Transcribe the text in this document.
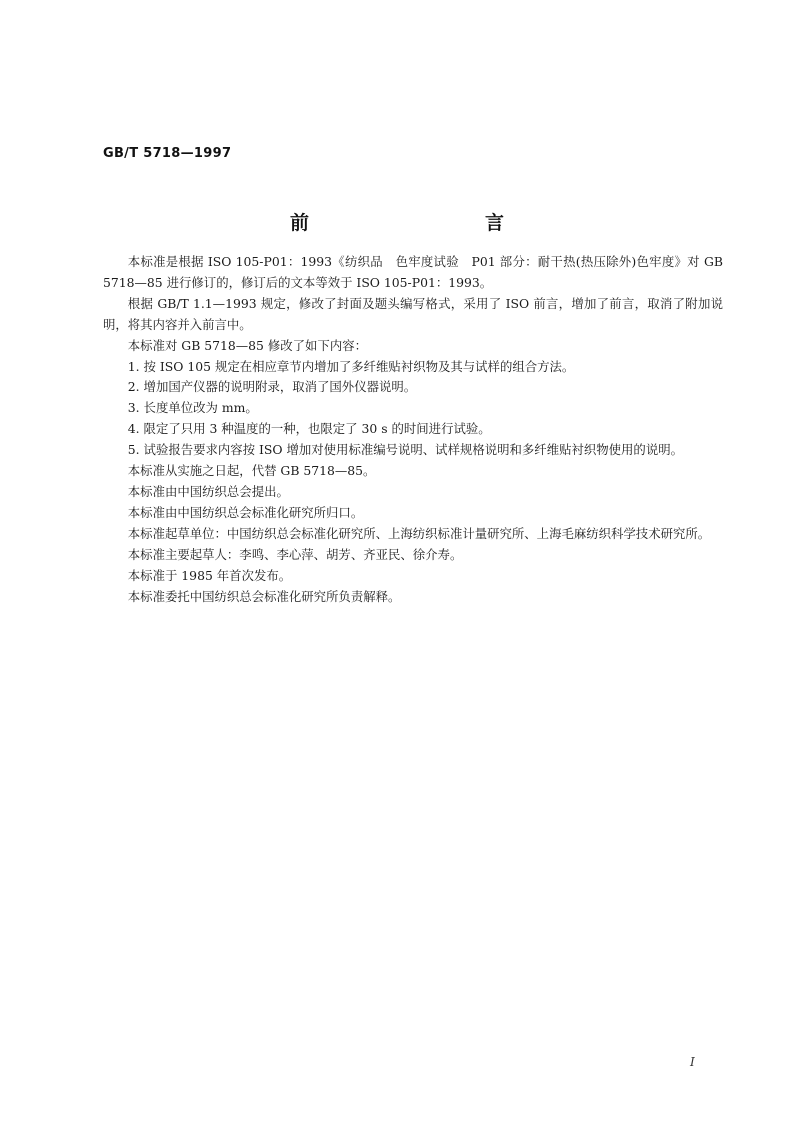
GB/T 5718—1997
前　　言

本标准是根据 ISO 105-P01：1993《纺织品　色牢度试验　P01 部分：耐干热(热压除外)色牢度》对 GB 5718—85 进行修订的，修订后的文本等效于 ISO 105-P01：1993。

根据 GB/T 1.1—1993 规定，修改了封面及题头编写格式，采用了 ISO 前言，增加了前言，取消了附加说明，将其内容并入前言中。

本标准对 GB 5718—85 修改了如下内容：

1. 按 ISO 105 规定在相应章节内增加了多纤维贴衬织物及其与试样的组合方法。

2. 增加国产仪器的说明附录，取消了国外仪器说明。

3. 长度单位改为 mm。

4. 限定了只用 3 种温度的一种，也限定了 30 s 的时间进行试验。

5. 试验报告要求内容按 ISO 增加对使用标准编号说明、试样规格说明和多纤维贴衬织物使用的说明。

本标准从实施之日起，代替 GB 5718—85。

本标准由中国纺织总会提出。

本标准由中国纺织总会标准化研究所归口。

本标准起草单位：中国纺织总会标准化研究所、上海纺织标准计量研究所、上海毛麻纺织科学技术研究所。

本标准主要起草人：李鸣、李心萍、胡芳、齐亚民、徐介寿。

本标准于 1985 年首次发布。

本标准委托中国纺织总会标准化研究所负责解释。

I
